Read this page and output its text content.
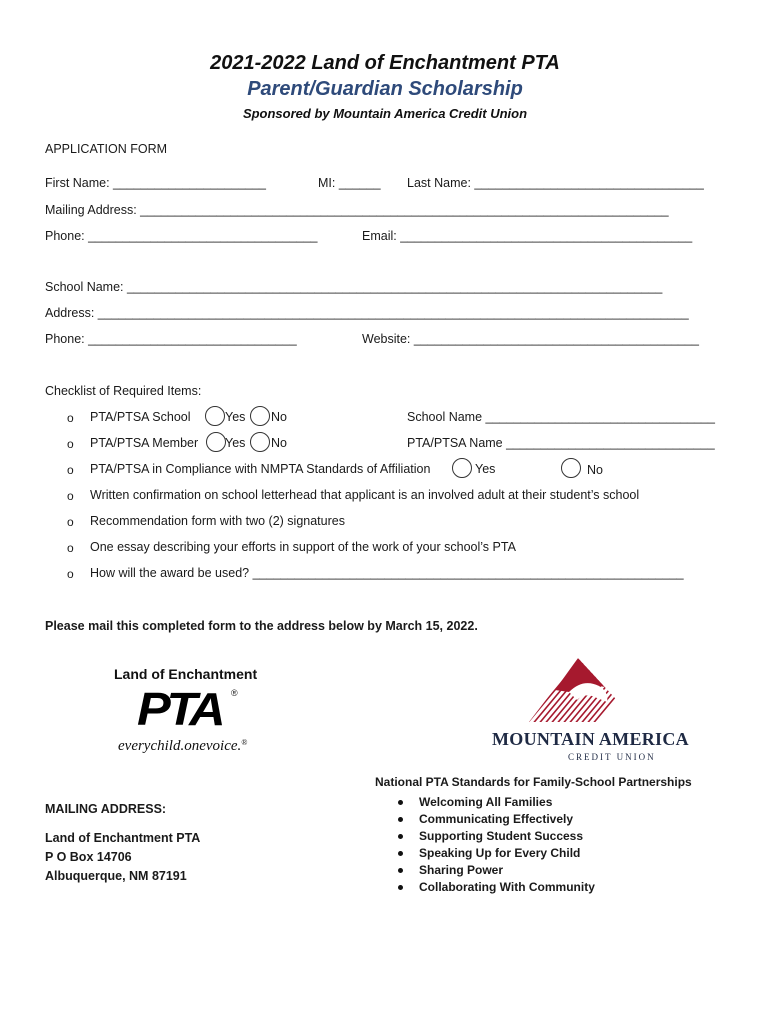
2021-2022 Land of Enchantment PTA
Parent/Guardian Scholarship
Sponsored by Mountain America Credit Union
APPLICATION FORM
First Name: ______________________	MI: ______ Last Name: _________________________________
Mailing Address: ____________________________________________________________________________
Phone: _________________________________	Email: __________________________________________
School Name: _____________________________________________________________________________
Address: _____________________________________________________________________________________
Phone: ______________________________	Website: _________________________________________
Checklist of Required Items:
o PTA/PTSA School	Yes No	School Name _________________________________
o PTA/PTSA Member Yes No	PTA/PTSA Name ______________________________
o PTA/PTSA in Compliance with NMPTA Standards of Affiliation	Yes	No
o Written confirmation on school letterhead that applicant is an involved adult at their student’s school
o Recommendation form with two (2) signatures
o One essay describing your efforts in support of the work of your school’s PTA
o How will the award be used? ______________________________________________________________
Please mail this completed form to the address below by March 15, 2022.
Land of Enchantment
PTA ®
everychild.onevoice.®	MOUNTAIN AMERICA
CREDIT UNION
MAILING ADDRESS:
Land of Enchantment PTA
P O Box 14706
Albuquerque, NM 87191
National PTA Standards for Family-School Partnerships
Welcoming All Families
Communicating Effectively
Supporting Student Success
Speaking Up for Every Child
Sharing Power
Collaborating With Community
